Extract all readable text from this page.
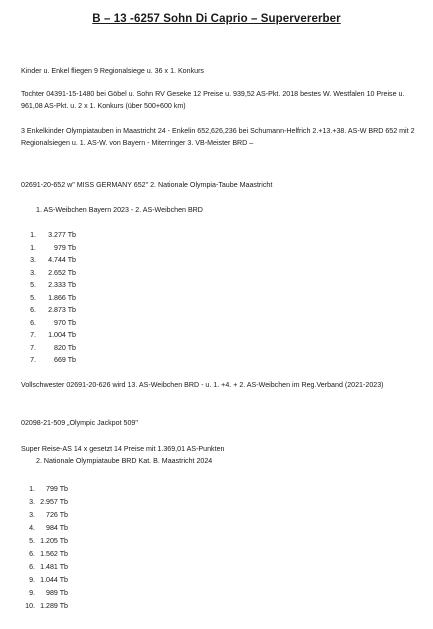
B – 13 -6257 Sohn Di Caprio – Supervererber
Kinder u. Enkel fliegen 9 Regionalsiege u. 36 x 1. Konkurs
Tochter 04391-15-1480 bei Göbel u. Sohn RV Geseke 12 Preise u. 939,52 AS-Pkt. 2018 bestes W. Westfalen 10 Preise u. 961,08 AS-Pkt. u. 2 x 1. Konkurs (über 500+600 km)
3 Enkelkinder Olympiatauben in Maastricht 24 - Enkelin 652,626,236 bei Schumann-Helfrich 2.+13.+38. AS-W BRD 652 mit 2 Regionalsiegen u. 1. AS-W. von Bayern - Miterringer 3. VB-Meister BRD –
02691-20-652 w" MISS GERMANY 652" 2. Nationale Olympia-Taube Maastricht
1. AS-Weibchen Bayern 2023 - 2. AS-Weibchen BRD
1. 3.277 Tb
1.	979 Tb
3. 4.744 Tb
3. 2.652 Tb
5. 2.333 Tb
5. 1.866 Tb
6. 2.873 Tb
6.	970 Tb
7. 1.004 Tb
7.	820 Tb
7.	669 Tb
Vollschwester 02691-20-626 wird 13. AS-Weibchen BRD - u. 1. +4. + 2. AS-Weibchen im Reg.Verband (2021-2023)
02098-21-509 „Olympic Jackpot 509"
Super Reise-AS 14 x gesetzt 14 Preise mit 1.369,01 AS-Punkten
2. Nationale Olympiataube BRD Kat. B. Maastricht 2024
1. 799 Tb
3. 2.957 Tb
3. 726 Tb
4. 984 Tb
5. 1.205 Tb
6. 1.562 Tb
6. 1.481 Tb
9. 1.044 Tb
9. 989 Tb
10. 1.289 Tb
